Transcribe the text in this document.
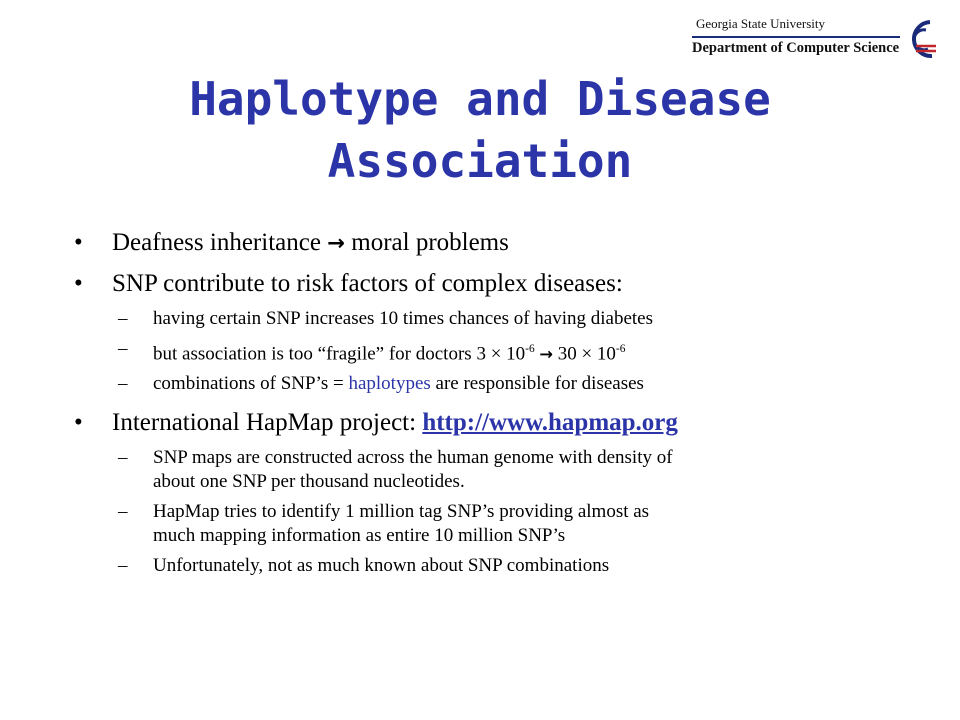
Georgia State University
Department of Computer Science
Haplotype and Disease
Association
• Deafness inheritance → moral problems
• SNP contribute to risk factors of complex diseases:
– having certain SNP increases 10 times chances of having diabetes
– but association is too “fragile” for doctors $3 \times 10^{-6} \to 30 \times 10^{-6}$
– combinations of SNP’s = haplotypes are responsible for diseases
• International HapMap project: http://www.hapmap.org
– SNP maps are constructed across the human genome with density of
about one SNP per thousand nucleotides.
– HapMap tries to identify 1 million tag SNP’s providing almost as
much mapping information as entire 10 million SNP’s
– Unfortunately, not as much known about SNP combinations
